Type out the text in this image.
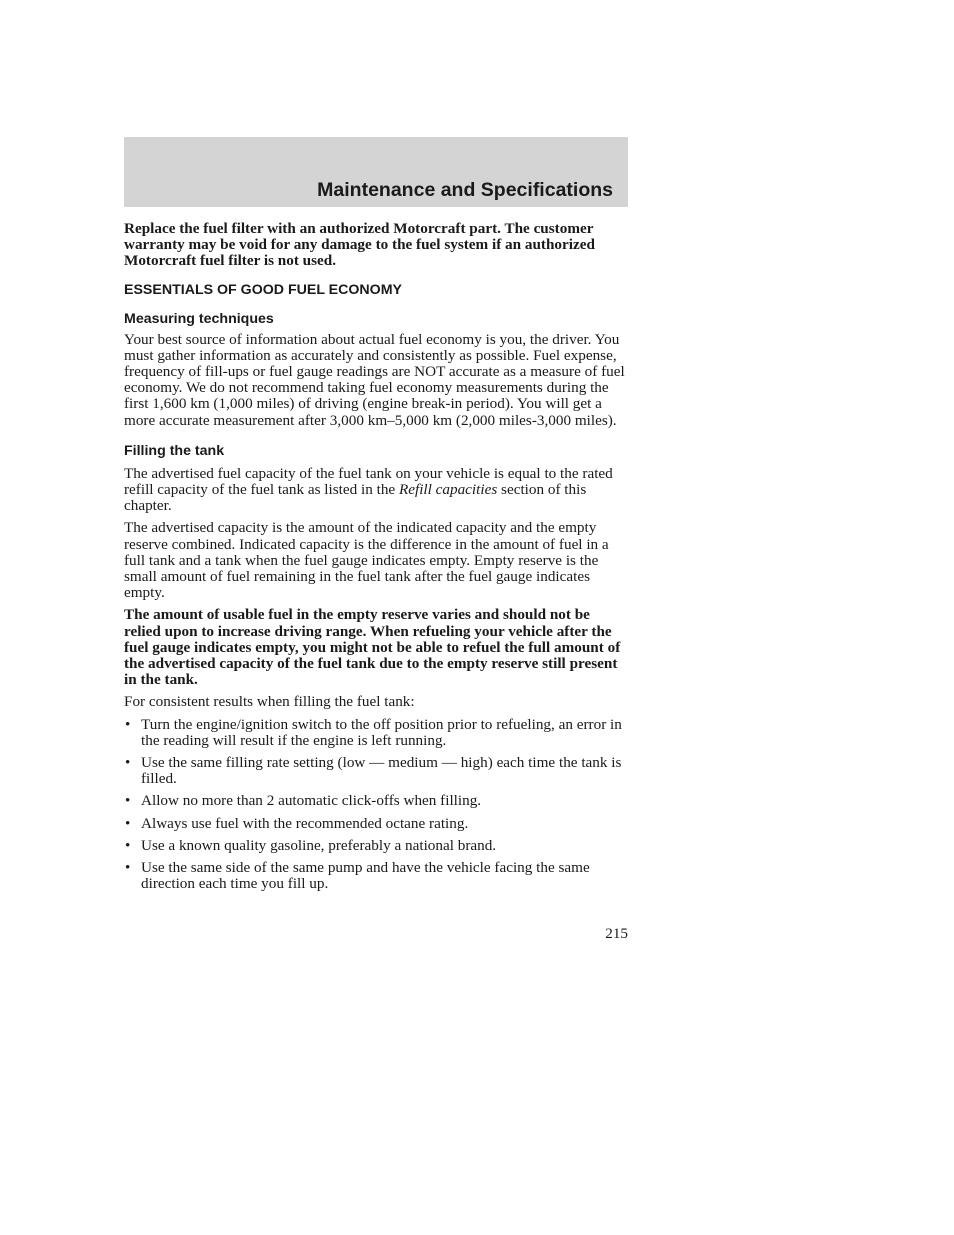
Maintenance and Specifications

Replace the fuel filter with an authorized Motorcraft part. The customer warranty may be void for any damage to the fuel system if an authorized Motorcraft fuel filter is not used.

ESSENTIALS OF GOOD FUEL ECONOMY

Measuring techniques

Your best source of information about actual fuel economy is you, the driver. You must gather information as accurately and consistently as possible. Fuel expense, frequency of fill-ups or fuel gauge readings are NOT accurate as a measure of fuel economy. We do not recommend taking fuel economy measurements during the first 1,600 km (1,000 miles) of driving (engine break-in period). You will get a more accurate measurement after 3,000 km–5,000 km (2,000 miles-3,000 miles).

Filling the tank

The advertised fuel capacity of the fuel tank on your vehicle is equal to the rated refill capacity of the fuel tank as listed in the Refill capacities section of this chapter.

The advertised capacity is the amount of the indicated capacity and the empty reserve combined. Indicated capacity is the difference in the amount of fuel in a full tank and a tank when the fuel gauge indicates empty. Empty reserve is the small amount of fuel remaining in the fuel tank after the fuel gauge indicates empty.

The amount of usable fuel in the empty reserve varies and should not be relied upon to increase driving range. When refueling your vehicle after the fuel gauge indicates empty, you might not be able to refuel the full amount of the advertised capacity of the fuel tank due to the empty reserve still present in the tank.

For consistent results when filling the fuel tank:

• Turn the engine/ignition switch to the off position prior to refueling, an error in the reading will result if the engine is left running.
• Use the same filling rate setting (low — medium — high) each time the tank is filled.
• Allow no more than 2 automatic click-offs when filling.
• Always use fuel with the recommended octane rating.
• Use a known quality gasoline, preferably a national brand.
• Use the same side of the same pump and have the vehicle facing the same direction each time you fill up.
215
